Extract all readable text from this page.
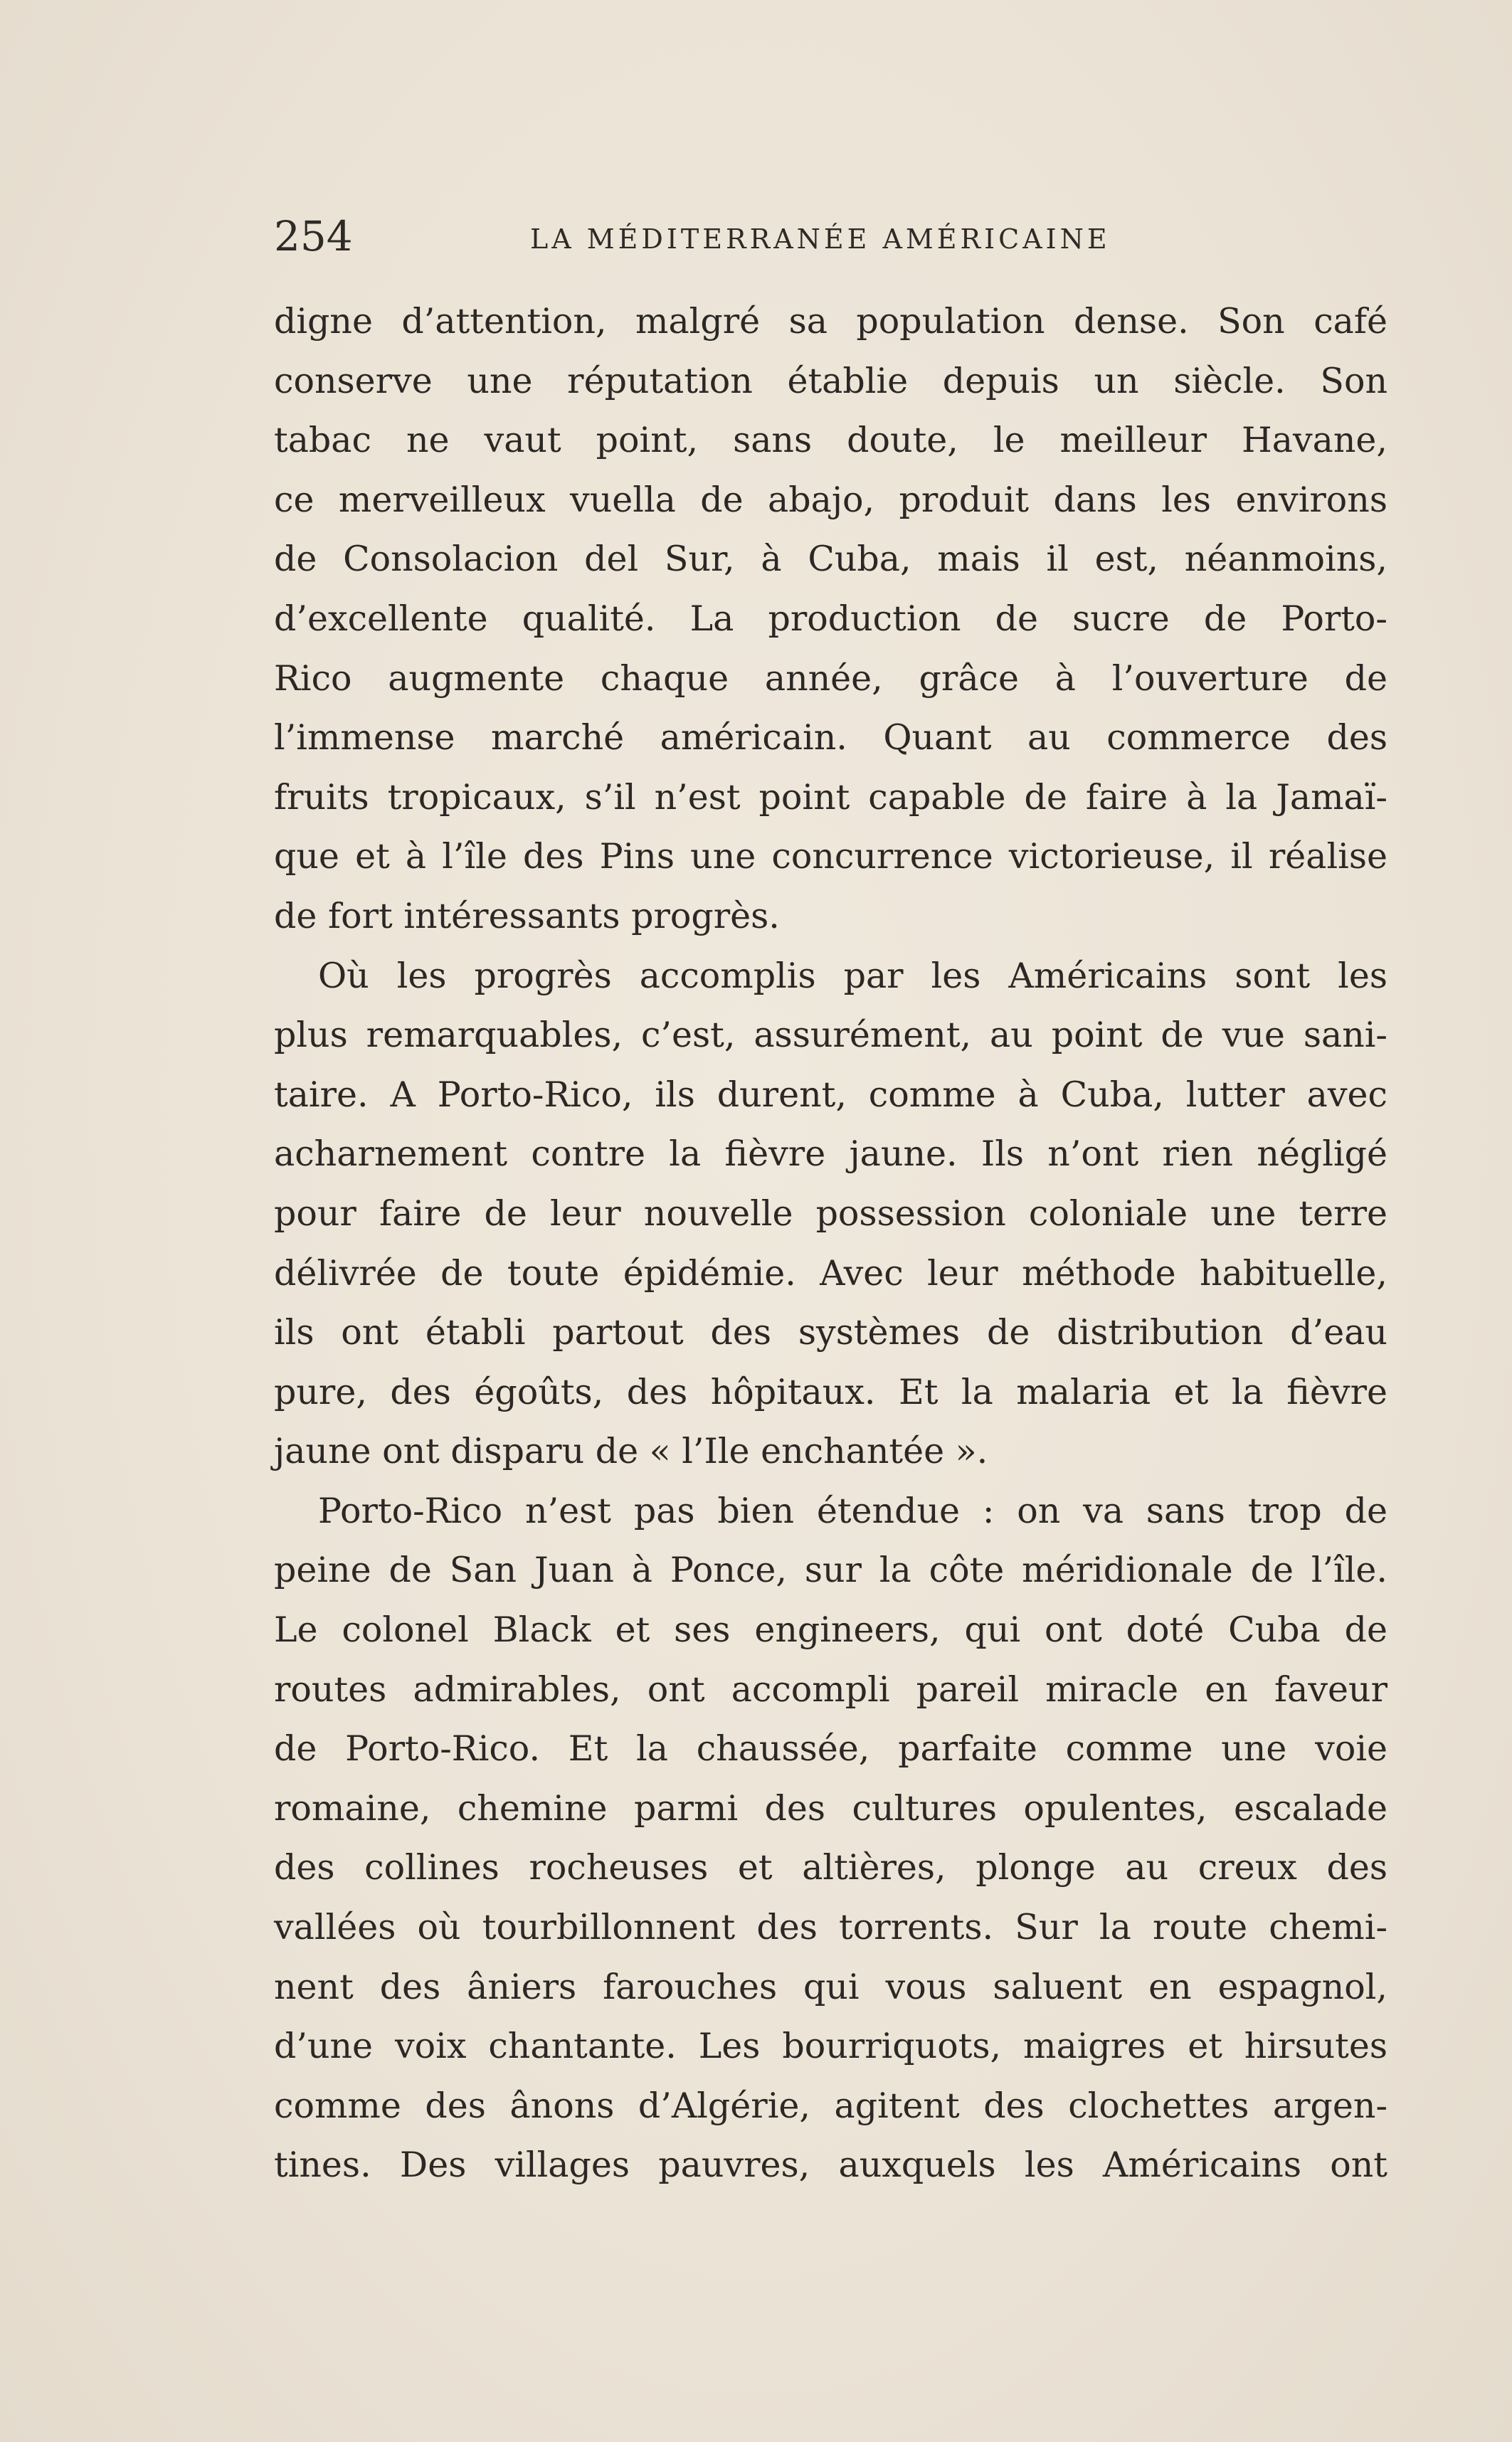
254	LA MÉDITERRANÉE AMÉRICAINE
digne d’attention, malgré sa population dense. Son café
conserve une réputation établie depuis un siècle. Son
tabac ne vaut point, sans doute, le meilleur Havane,
ce merveilleux vuella de abajo, produit dans les environs
de Consolacion del Sur, à Cuba, mais il est, néanmoins,
d’excellente qualité. La production de sucre de Porto-
Rico augmente chaque année, grâce à l’ouverture de
l’immense marché américain. Quant au commerce des
fruits tropicaux, s’il n’est point capable de faire à la Jamaï-
que et à l’île des Pins une concurrence victorieuse, il réalise
de fort intéressants progrès.
Où les progrès accomplis par les Américains sont les
plus remarquables, c’est, assurément, au point de vue sani-
taire. A Porto-Rico, ils durent, comme à Cuba, lutter avec
acharnement contre la fièvre jaune. Ils n’ont rien négligé
pour faire de leur nouvelle possession coloniale une terre
délivrée de toute épidémie. Avec leur méthode habituelle,
ils ont établi partout des systèmes de distribution d’eau
pure, des égoûts, des hôpitaux. Et la malaria et la fièvre
jaune ont disparu de « l’Ile enchantée ».
Porto-Rico n’est pas bien étendue : on va sans trop de
peine de San Juan à Ponce, sur la côte méridionale de l’île.
Le colonel Black et ses engineers, qui ont doté Cuba de
routes admirables, ont accompli pareil miracle en faveur
de Porto-Rico. Et la chaussée, parfaite comme une voie
romaine, chemine parmi des cultures opulentes, escalade
des collines rocheuses et altières, plonge au creux des
vallées où tourbillonnent des torrents. Sur la route chemi-
nent des âniers farouches qui vous saluent en espagnol,
d’une voix chantante. Les bourriquots, maigres et hirsutes
comme des ânons d’Algérie, agitent des clochettes argen-
tines. Des villages pauvres, auxquels les Américains ont
